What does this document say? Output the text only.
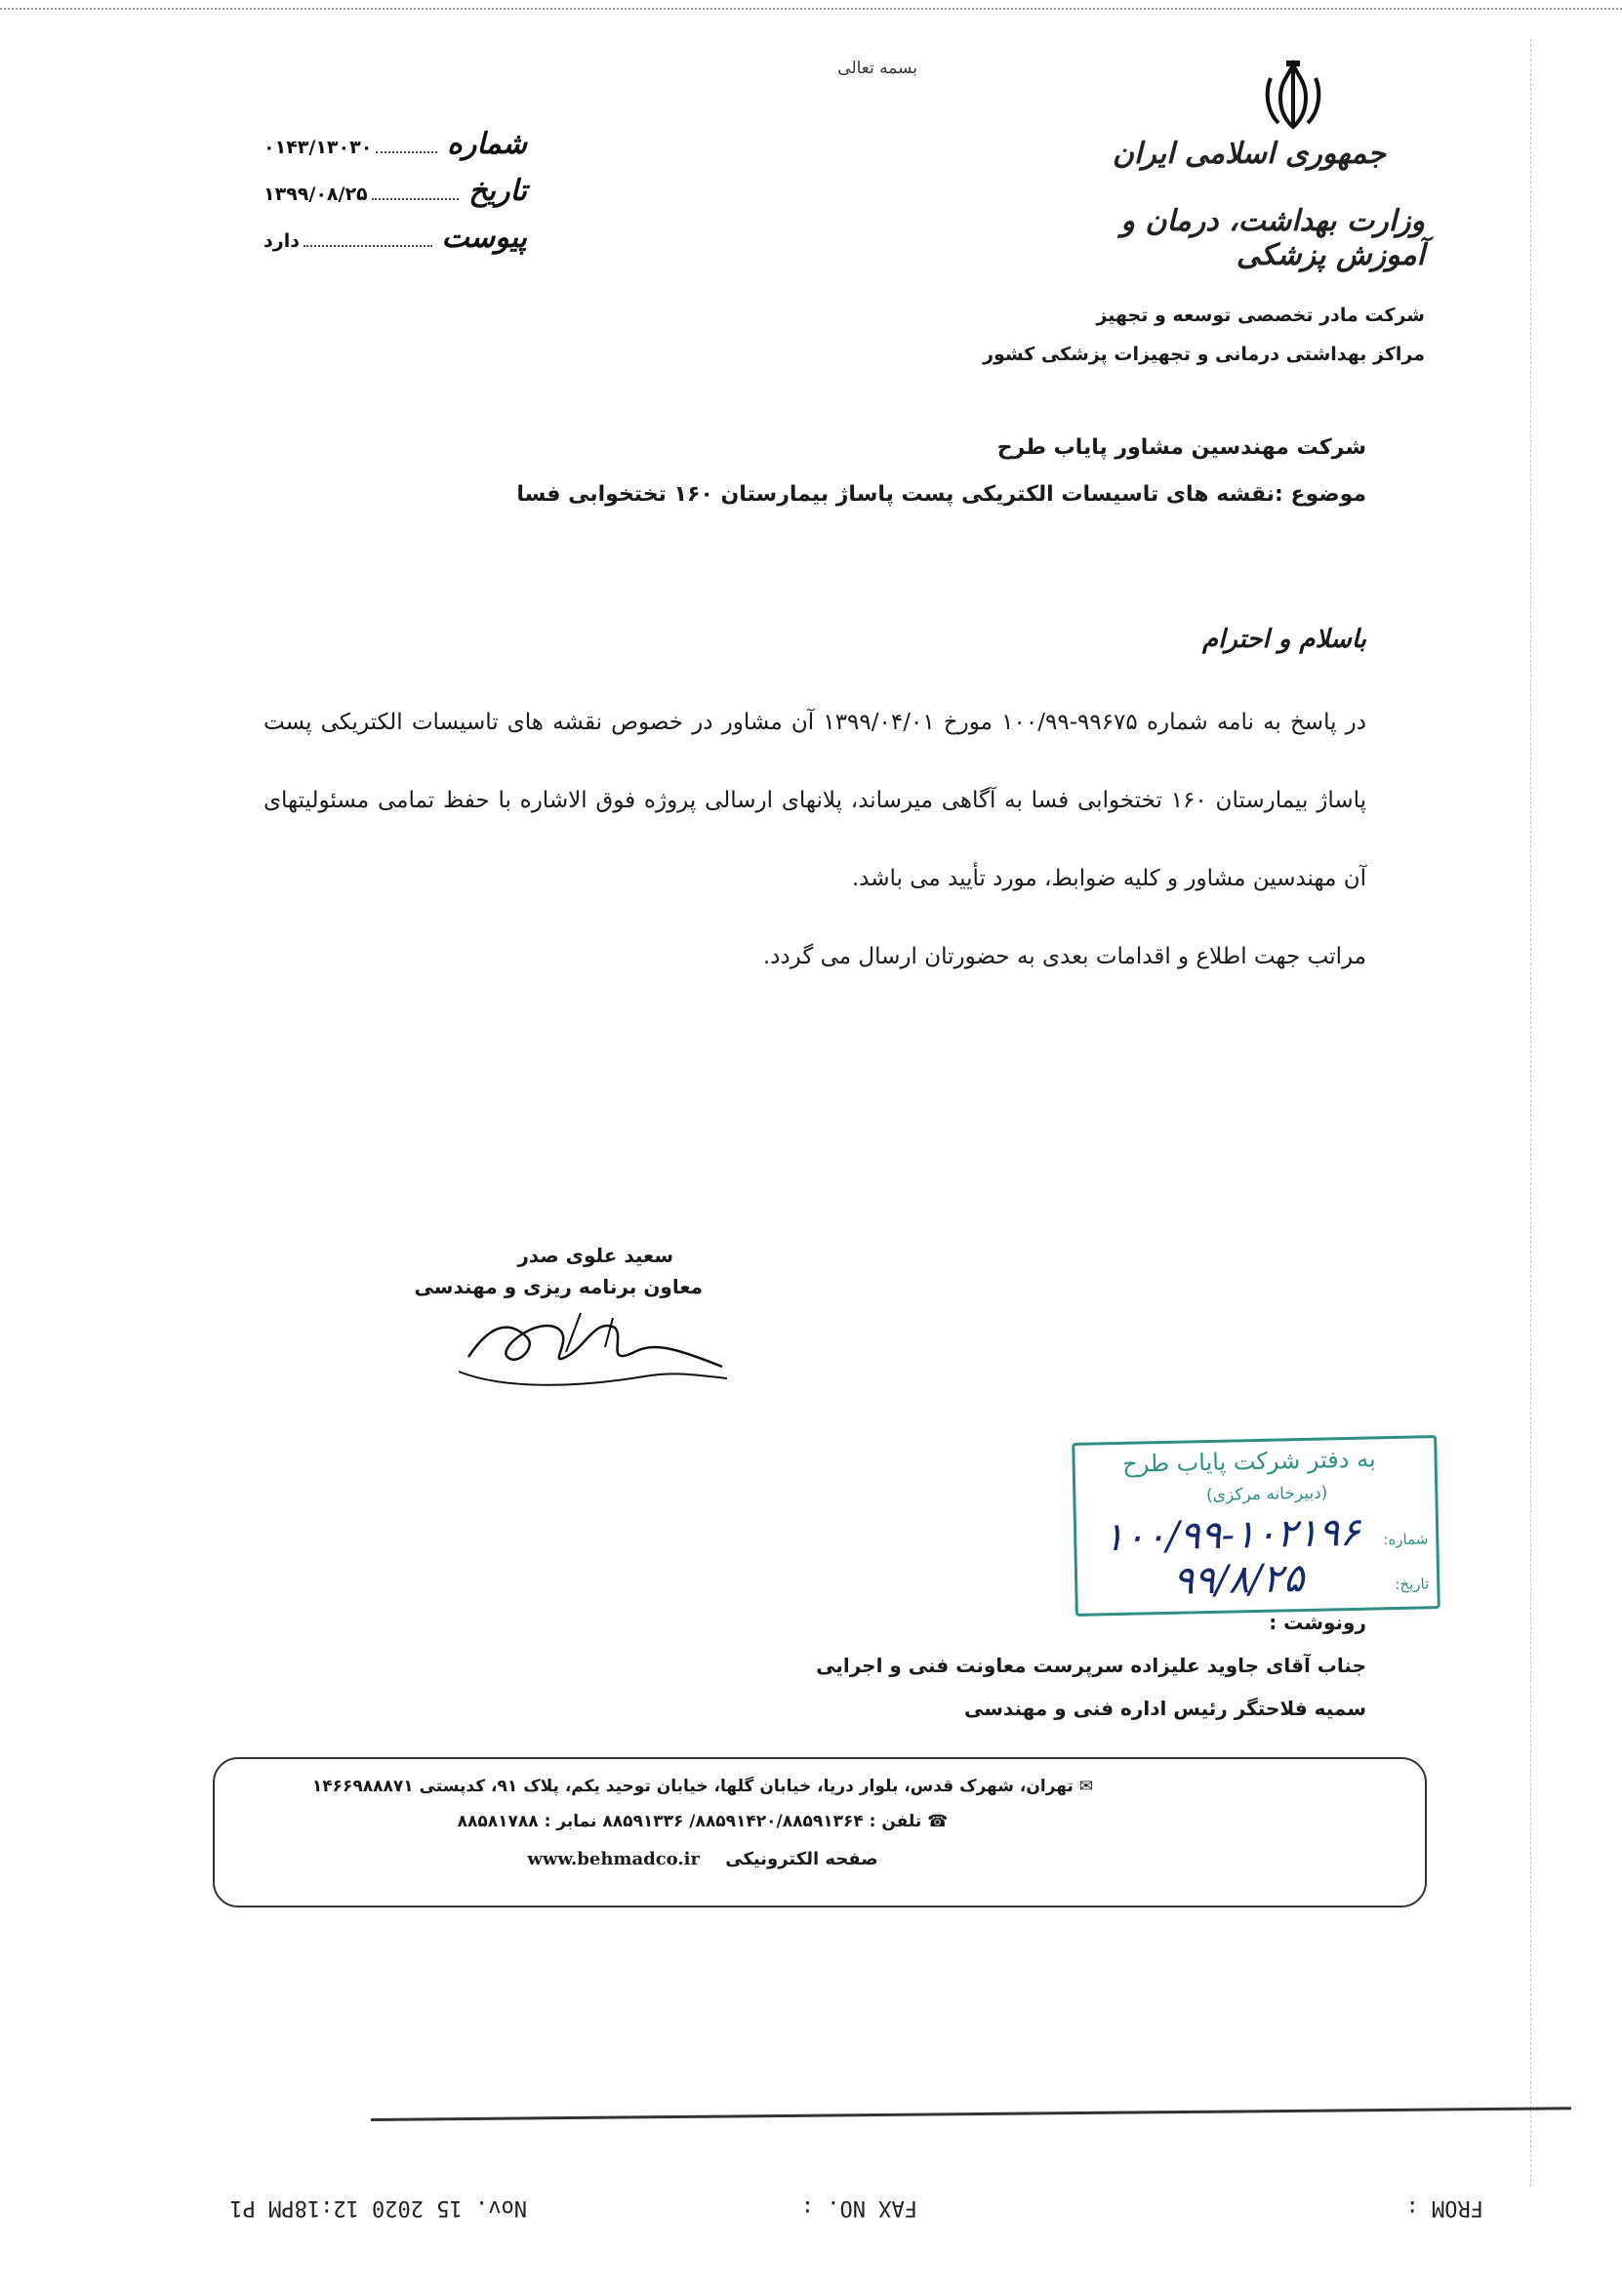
بسمه تعالی
جمهوری اسلامی ایران
وزارت بهداشت، درمان و آموزش پزشکی
شرکت مادر تخصصی توسعه و تجهیز
مراکز بهداشتی درمانی و تجهیزات پزشکی کشور
شماره
۰۱۴۳/۱۳۰۳۰
تاریخ
۱۳۹۹/۰۸/۲۵
پیوست
دارد
شرکت مهندسین مشاور پایاب طرح
موضوع :نقشه های تاسیسات الکتریکی پست پاساژ بیمارستان ۱۶۰ تختخوابی فسا
باسلام و احترام

در پاسخ به نامه شماره ۹۹۶۷۵-۱۰۰/۹۹ مورخ ۱۳۹۹/۰۴/۰۱ آن مشاور در خصوص نقشه های تاسیسات الکتریکی پست پاساژ بیمارستان ۱۶۰ تختخوابی فسا به آگاهی میرساند، پلانهای ارسالی پروژه فوق الاشاره با حفظ تمامی مسئولیتهای آن مهندسین مشاور و کلیه ضوابط، مورد تأیید می باشد.

مراتب جهت اطلاع و اقدامات بعدی به حضورتان ارسال می گردد.

سعید علوی صدر
معاون برنامه ریزی و مهندسی
به دفتر شرکت پایاب طرح
(دبیرخانه مرکزی)
شماره:
۱۰۰/۹۹-۱۰۲۱۹۶
تاریخ:
۹۹/۸/۲۵
رونوشت :
جناب آقای جاوید علیزاده سرپرست معاونت فنی و اجرایی
سمیه فلاحتگر رئیس اداره فنی و مهندسی
✉ تهران، شهرک قدس، بلوار دریا، خیابان گلها، خیابان توحید یکم، پلاک ۹۱، کدپستی ۱۴۶۶۹۸۸۸۷۱
☎ تلفن : ۸۸۵۹۱۴۲۰/۸۸۵۹۱۳۶۴/ ۸۸۵۹۱۳۳۶ نمابر : ۸۸۵۸۱۷۸۸
صفحه الکترونیکی www.behmadco.ir
FROM :
FAX NO. :
Nov. 15 2020 12:18PM P1
